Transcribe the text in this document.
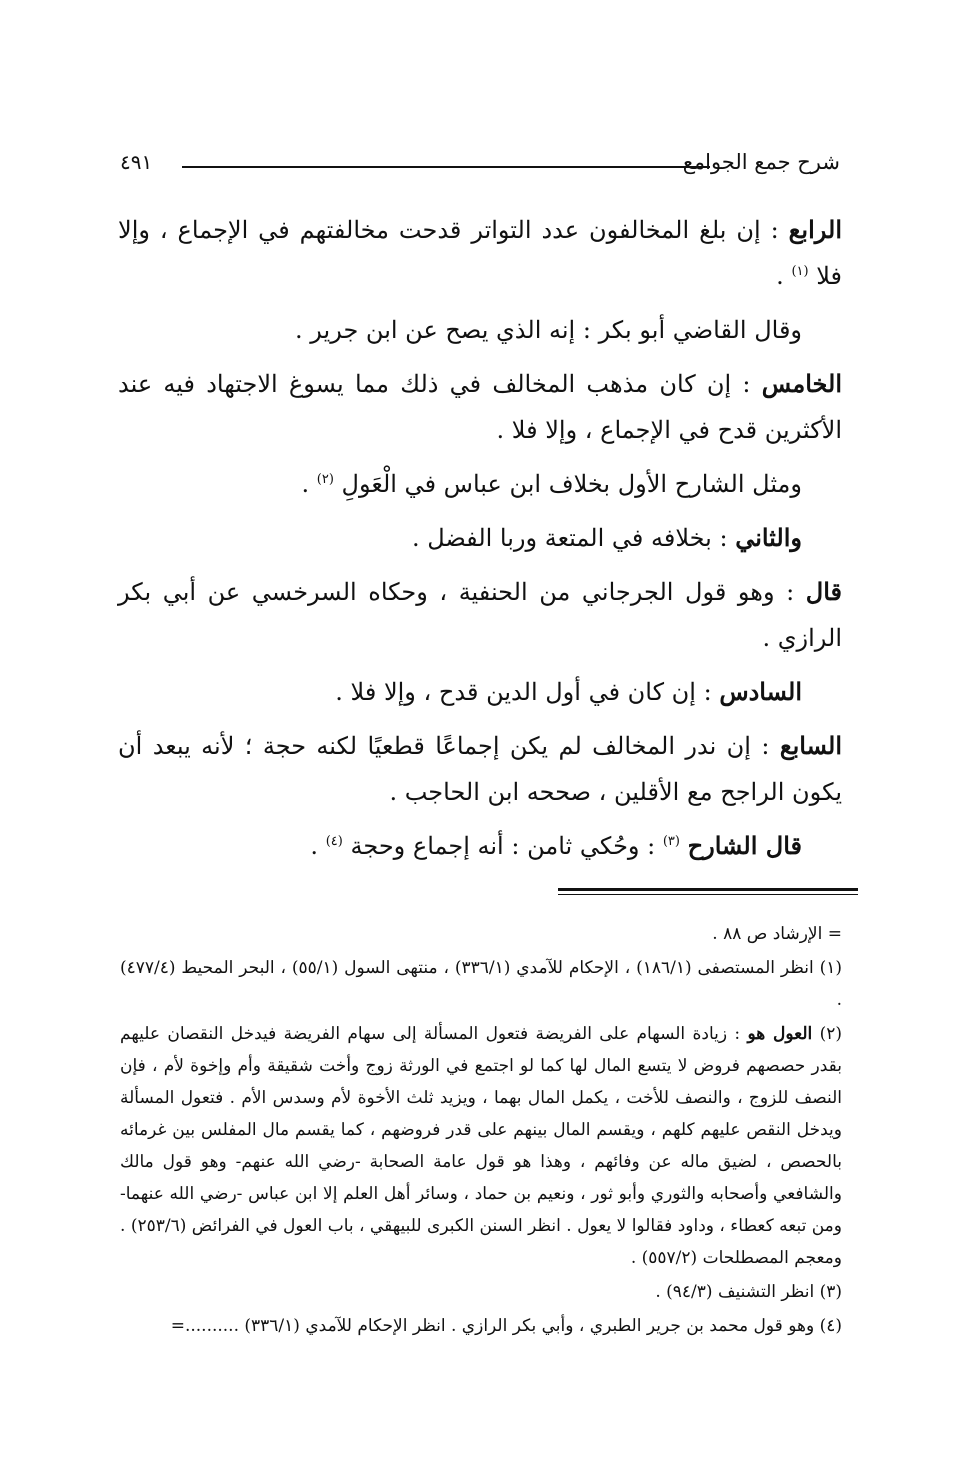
شرح جمع الجوامع
٤٩١

الرابع : إن بلغ المخالفون عدد التواتر قدحت مخالفتهم في الإجماع ، وإلا فلا $^{(١)}$ .

وقال القاضي أبو بكر : إنه الذي يصح عن ابن جرير .

الخامس : إن كان مذهب المخالف في ذلك مما يسوغ الاجتهاد فيه عند الأكثرين قدح في الإجماع ، وإلا فلا .

ومثل الشارح الأول بخلاف ابن عباس في الْعَولِ $^{(٢)}$ .

والثاني : بخلافه في المتعة وربا الفضل .

قال : وهو قول الجرجاني من الحنفية ، وحكاه السرخسي عن أبي بكر الرازي .

السادس : إن كان في أول الدين قدح ، وإلا فلا .

السابع : إن ندر المخالف لم يكن إجماعًا قطعيًا لكنه حجة ؛ لأنه يبعد أن يكون الراجح مع الأقلين ، صححه ابن الحاجب .

قال الشارح $^{(٣)}$ : وحُكي ثامن : أنه إجماع وحجة $^{(٤)}$ .

= الإرشاد ص ٨٨ .

(١) انظر المستصفى (١٨٦/١) ، الإحكام للآمدي (٣٣٦/١) ، منتهى السول (٥٥/١) ، البحر المحيط (٤٧٧/٤) .

(٢) العول هو : زيادة السهام على الفريضة فتعول المسألة إلى سهام الفريضة فيدخل النقصان عليهم بقدر حصصهم فروض لا يتسع المال لها كما لو اجتمع في الورثة زوج وأخت شقيقة وأم وإخوة لأم ، فإن النصف للزوج ، والنصف للأخت ، يكمل المال بهما ، ويزيد ثلث الأخوة لأم وسدس الأم . فتعول المسألة ويدخل النقص عليهم كلهم ، ويقسم المال بينهم على قدر فروضهم ، كما يقسم مال المفلس بين غرمائه بالحصص ، لضيق ماله عن وفائهم ، وهذا هو قول عامة الصحابة -رضي الله عنهم- وهو قول مالك والشافعي وأصحابه والثوري وأبو ثور ، ونعيم بن حماد ، وسائر أهل العلم إلا ابن عباس -رضي الله عنهما- ومن تبعه كعطاء ، وداود فقالوا لا يعول . انظر السنن الكبرى للبيهقي ، باب العول في الفرائض (٢٥٣/٦) . ومعجم المصطلحات (٥٥٧/٢) .

(٣) انظر التشنيف (٩٤/٣) .

(٤) وهو قول محمد بن جرير الطبري ، وأبي بكر الرازي . انظر الإحكام للآمدي (٣٣٦/١) ..........=
